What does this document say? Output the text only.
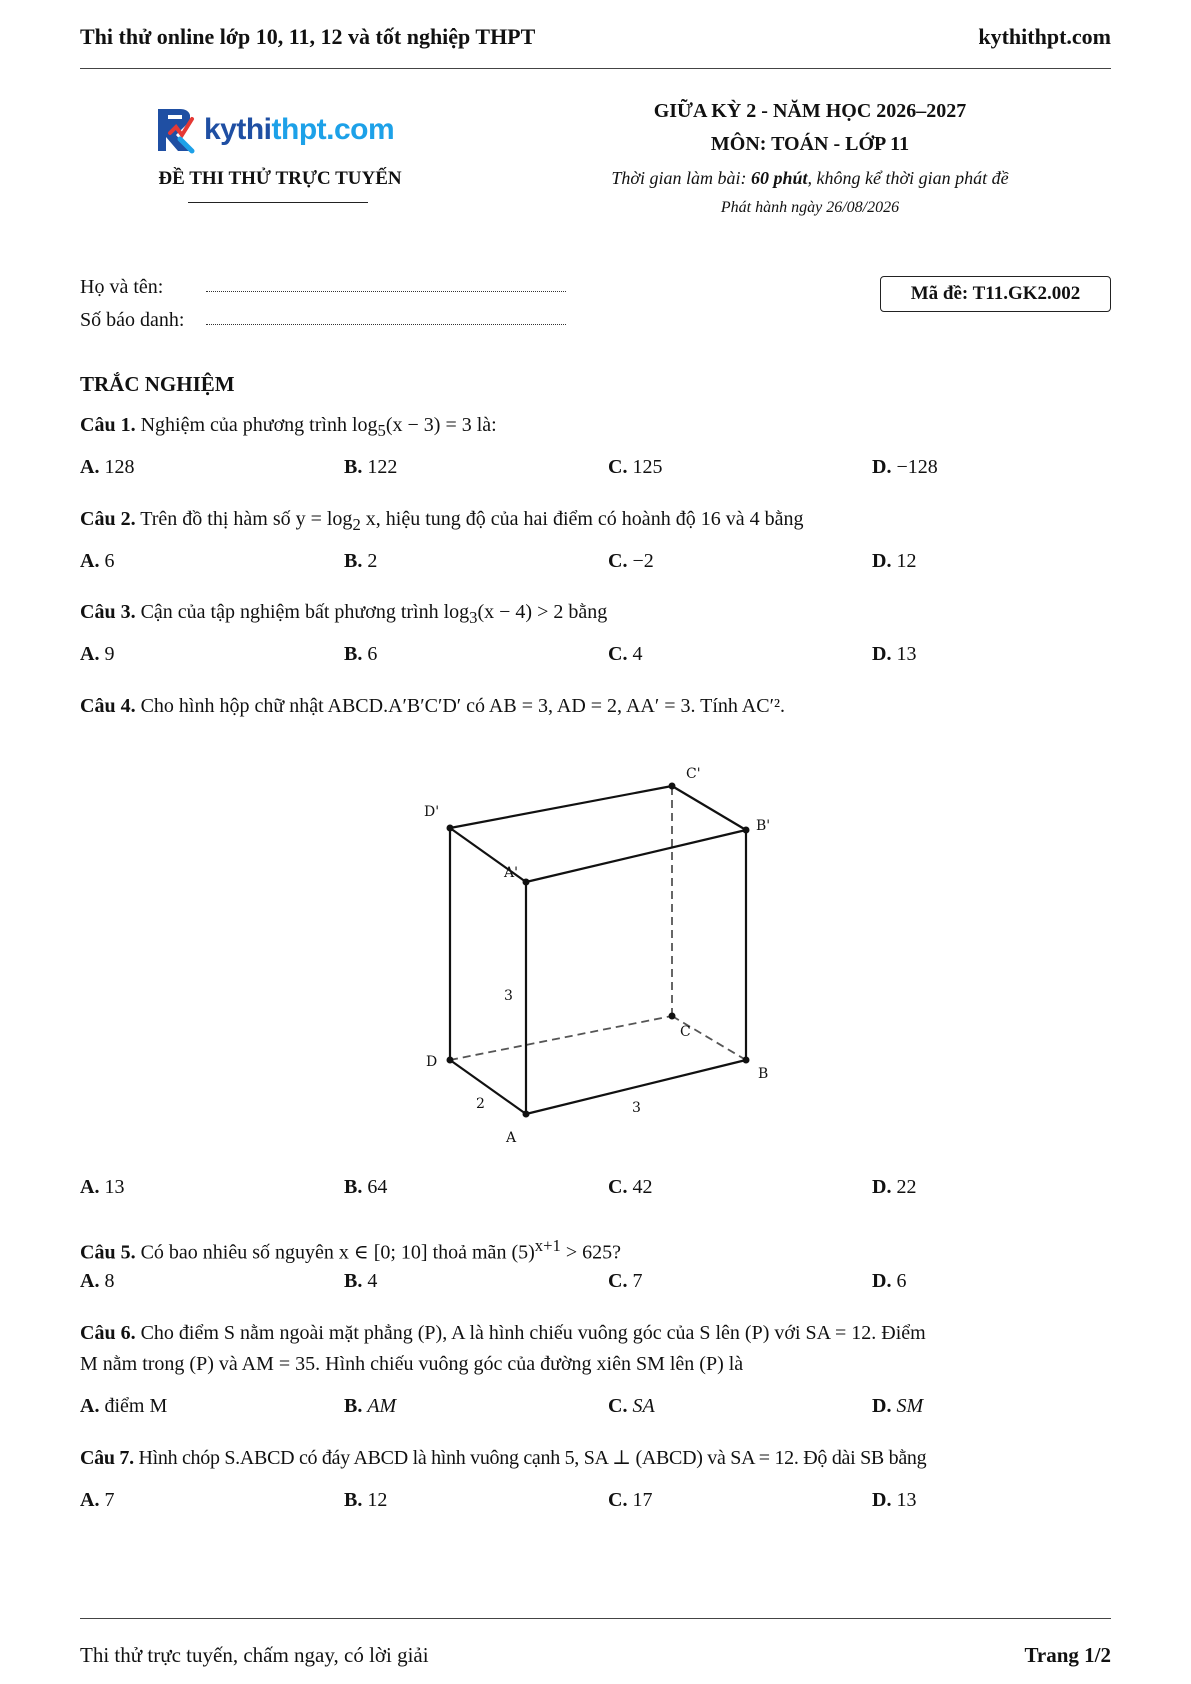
Thi thử online lớp 10, 11, 12 và tốt nghiệp THPT	kythithpt.com
kythithpt.com
ĐỀ THI THỬ TRỰC TUYẾN
GIỮA KỲ 2 - NĂM HỌC 2026–2027
MÔN: TOÁN - LỚP 11
Thời gian làm bài: 60 phút, không kể thời gian phát đề
Phát hành ngày 26/08/2026
Họ và tên:
Số báo danh:
Mã đề: T11.GK2.002
TRẮC NGHIỆM
Câu 1. Nghiệm của phương trình $\log_5(x - 3) = 3$ là:
A. 128	B. 122	C. 125	D. −128
Câu 2. Trên đồ thị hàm số $y = \log_2 x$, hiệu tung độ của hai điểm có hoành độ 16 và 4 bằng
A. 6	B. 2	C. −2	D. 12
Câu 3. Cận của tập nghiệm bất phương trình $\log_3(x - 4) > 2$ bằng
A. 9	B. 6	C. 4	D. 13
Câu 4. Cho hình hộp chữ nhật ABCD.A′B′C′D′ có AB = 3, AD = 2, AA′ = 3. Tính AC′².
A
B
C
D
A'
B'
C'
D'
3
2
3
A. 13	B. 64	C. 42	D. 22
Câu 5. Có bao nhiêu số nguyên x ∈ [0; 10] thoả mãn $(5)^{x+1} > 625$?
A. 8	B. 4	C. 7	D. 6
Câu 6. Cho điểm S nằm ngoài mặt phẳng (P), A là hình chiếu vuông góc của S lên (P) với SA = 12. Điểm
M nằm trong (P) và AM = 35. Hình chiếu vuông góc của đường xiên SM lên (P) là
A. điểm M	B. AM	C. SA	D. SM
Câu 7. Hình chóp S.ABCD có đáy ABCD là hình vuông cạnh 5, SA ⊥ (ABCD) và SA = 12. Độ dài SB bằng
A. 7	B. 12	C. 17	D. 13
Thi thử trực tuyến, chấm ngay, có lời giải	Trang 1/2
